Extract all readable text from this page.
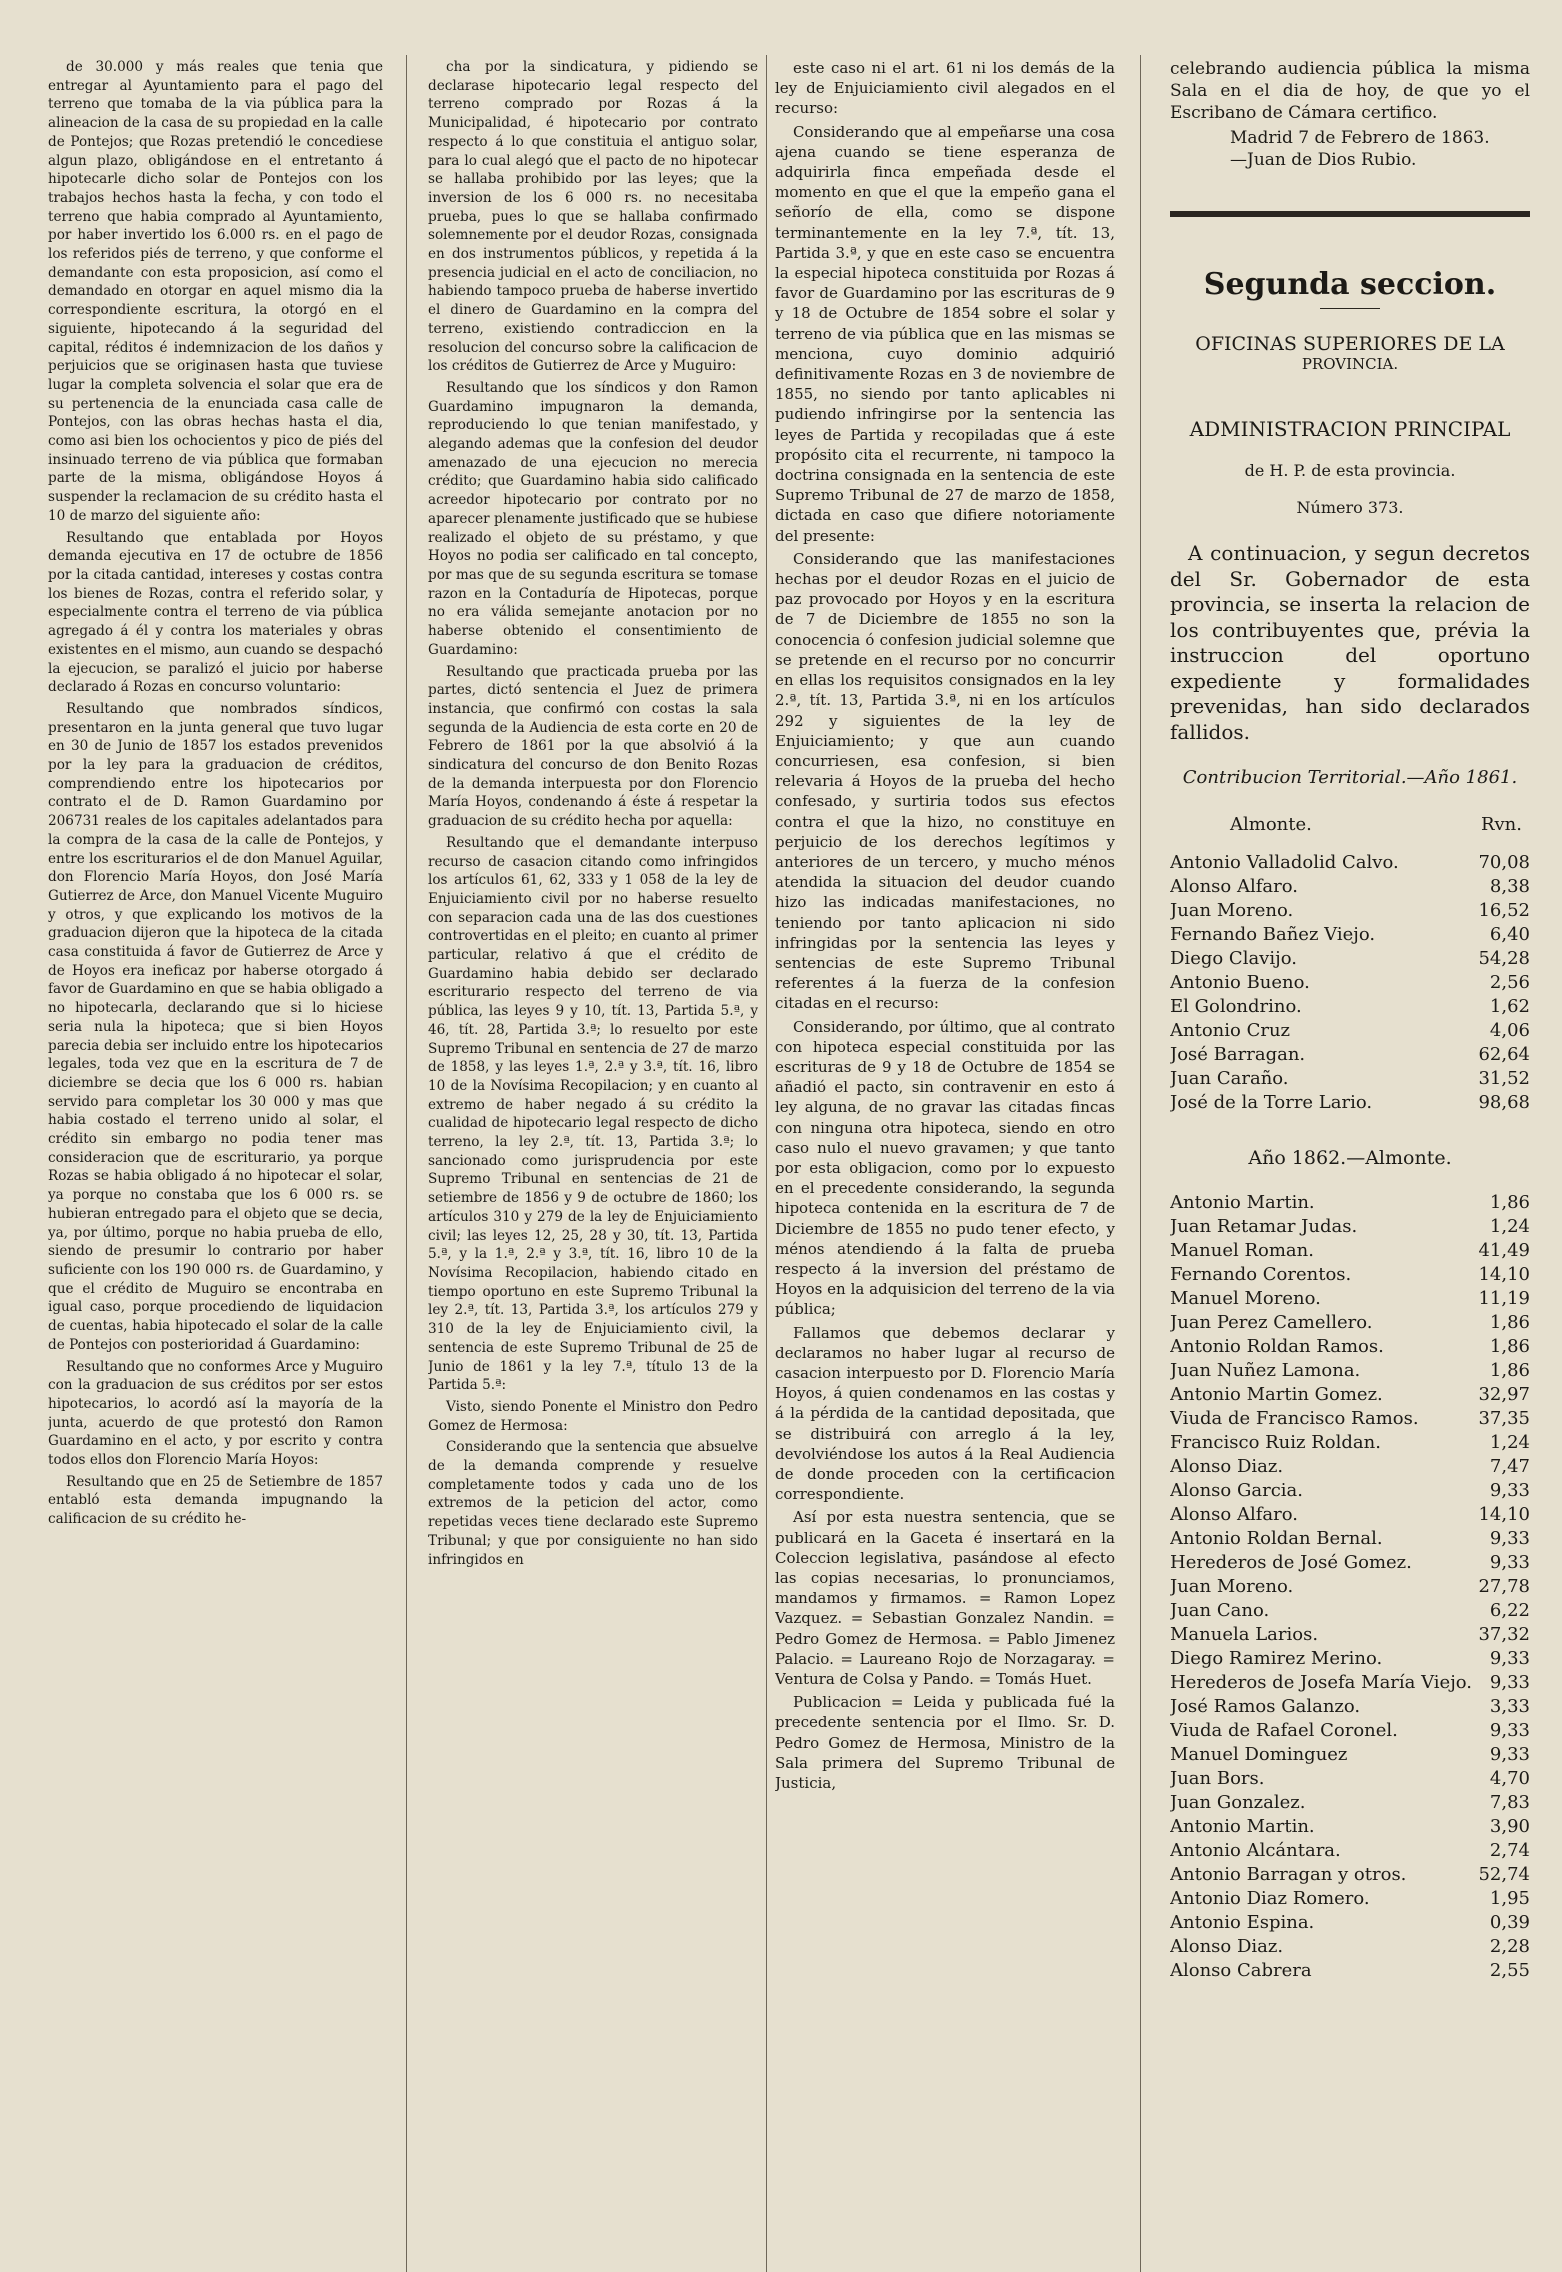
de 30.000 y más reales que tenia que entregar al Ayuntamiento para el pago del terreno que tomaba de la via pública para la alineacion de la casa de su propiedad en la calle de Pontejos; que Rozas pretendió le concediese algun plazo, obligándose en el entretanto á hipotecarle dicho solar de Pontejos con los trabajos hechos hasta la fecha, y con todo el terreno que habia comprado al Ayuntamiento, por haber invertido los 6.000 rs. en el pago de los referidos piés de terreno, y que conforme el demandante con esta proposicion, así como el demandado en otorgar en aquel mismo dia la correspondiente escritura, la otorgó en el siguiente, hipotecando á la seguridad del capital, réditos é indemnizacion de los daños y perjuicios que se originasen hasta que tuviese lugar la completa solvencia el solar que era de su pertenencia de la enunciada casa calle de Pontejos, con las obras hechas hasta el dia, como asi bien los ochocientos y pico de piés del insinuado terreno de via pública que formaban parte de la misma, obligándose Hoyos á suspender la reclamacion de su crédito hasta el 10 de marzo del siguiente año:

Resultando que entablada por Hoyos demanda ejecutiva en 17 de octubre de 1856 por la citada cantidad, intereses y costas contra los bienes de Rozas, contra el referido solar, y especialmente contra el terreno de via pública agregado á él y contra los materiales y obras existentes en el mismo, aun cuando se despachó la ejecucion, se paralizó el juicio por haberse declarado á Rozas en concurso voluntario:

Resultando que nombrados síndicos, presentaron en la junta general que tuvo lugar en 30 de Junio de 1857 los estados prevenidos por la ley para la graduacion de créditos, comprendiendo entre los hipotecarios por contrato el de D. Ramon Guardamino por 206731 reales de los capitales adelantados para la compra de la casa de la calle de Pontejos, y entre los escriturarios el de don Manuel Aguilar, don Florencio María Hoyos, don José María Gutierrez de Arce, don Manuel Vicente Muguiro y otros, y que explicando los motivos de la graduacion dijeron que la hipoteca de la citada casa constituida á favor de Gutierrez de Arce y de Hoyos era ineficaz por haberse otorgado á favor de Guardamino en que se habia obligado a no hipotecarla, declarando que si lo hiciese seria nula la hipoteca; que si bien Hoyos parecia debia ser incluido entre los hipotecarios legales, toda vez que en la escritura de 7 de diciembre se decia que los 6 000 rs. habian servido para completar los 30 000 y mas que habia costado el terreno unido al solar, el crédito sin embargo no podia tener mas consideracion que de escriturario, ya porque Rozas se habia obligado á no hipotecar el solar, ya porque no constaba que los 6 000 rs. se hubieran entregado para el objeto que se decia, ya, por último, porque no habia prueba de ello, siendo de presumir lo contrario por haber suficiente con los 190 000 rs. de Guardamino, y que el crédito de Muguiro se encontraba en igual caso, porque procediendo de liquidacion de cuentas, habia hipotecado el solar de la calle de Pontejos con posterioridad á Guardamino:

Resultando que no conformes Arce y Muguiro con la graduacion de sus créditos por ser estos hipotecarios, lo acordó así la mayoría de la junta, acuerdo de que protestó don Ramon Guardamino en el acto, y por escrito y contra todos ellos don Florencio María Hoyos:

Resultando que en 25 de Setiembre de 1857 entabló esta demanda impugnando la calificacion de su crédito he-

cha por la sindicatura, y pidiendo se declarase hipotecario legal respecto del terreno comprado por Rozas á la Municipalidad, é hipotecario por contrato respecto á lo que constituia el antiguo solar, para lo cual alegó que el pacto de no hipotecar se hallaba prohibido por las leyes; que la inversion de los 6 000 rs. no necesitaba prueba, pues lo que se hallaba confirmado solemnemente por el deudor Rozas, consignada en dos instrumentos públicos, y repetida á la presencia judicial en el acto de conciliacion, no habiendo tampoco prueba de haberse invertido el dinero de Guardamino en la compra del terreno, existiendo contradiccion en la resolucion del concurso sobre la calificacion de los créditos de Gutierrez de Arce y Muguiro:

Resultando que los síndicos y don Ramon Guardamino impugnaron la demanda, reproduciendo lo que tenian manifestado, y alegando ademas que la confesion del deudor amenazado de una ejecucion no merecia crédito; que Guardamino habia sido calificado acreedor hipotecario por contrato por no aparecer plenamente justificado que se hubiese realizado el objeto de su préstamo, y que Hoyos no podia ser calificado en tal concepto, por mas que de su segunda escritura se tomase razon en la Contaduría de Hipotecas, porque no era válida semejante anotacion por no haberse obtenido el consentimiento de Guardamino:

Resultando que practicada prueba por las partes, dictó sentencia el Juez de primera instancia, que confirmó con costas la sala segunda de la Audiencia de esta corte en 20 de Febrero de 1861 por la que absolvió á la sindicatura del concurso de don Benito Rozas de la demanda interpuesta por don Florencio María Hoyos, condenando á éste á respetar la graduacion de su crédito hecha por aquella:

Resultando que el demandante interpuso recurso de casacion citando como infringidos los artículos 61, 62, 333 y 1 058 de la ley de Enjuiciamiento civil por no haberse resuelto con separacion cada una de las dos cuestiones controvertidas en el pleito; en cuanto al primer particular, relativo á que el crédito de Guardamino habia debido ser declarado escriturario respecto del terreno de via pública, las leyes 9 y 10, tít. 13, Partida 5.ª, y 46, tít. 28, Partida 3.ª; lo resuelto por este Supremo Tribunal en sentencia de 27 de marzo de 1858, y las leyes 1.ª, 2.ª y 3.ª, tít. 16, libro 10 de la Novísima Recopilacion; y en cuanto al extremo de haber negado á su crédito la cualidad de hipotecario legal respecto de dicho terreno, la ley 2.ª, tít. 13, Partida 3.ª; lo sancionado como jurisprudencia por este Supremo Tribunal en sentencias de 21 de setiembre de 1856 y 9 de octubre de 1860; los artículos 310 y 279 de la ley de Enjuiciamiento civil; las leyes 12, 25, 28 y 30, tít. 13, Partida 5.ª, y la 1.ª, 2.ª y 3.ª, tít. 16, libro 10 de la Novísima Recopilacion, habiendo citado en tiempo oportuno en este Supremo Tribunal la ley 2.ª, tít. 13, Partida 3.ª, los artículos 279 y 310 de la ley de Enjuiciamiento civil, la sentencia de este Supremo Tribunal de 25 de Junio de 1861 y la ley 7.ª, título 13 de la Partida 5.ª:

Visto, siendo Ponente el Ministro don Pedro Gomez de Hermosa:

Considerando que la sentencia que absuelve de la demanda comprende y resuelve completamente todos y cada uno de los extremos de la peticion del actor, como repetidas veces tiene declarado este Supremo Tribunal; y que por consiguiente no han sido infringidos en

este caso ni el art. 61 ni los demás de la ley de Enjuiciamiento civil alegados en el recurso:

Considerando que al empeñarse una cosa ajena cuando se tiene esperanza de adquirirla finca empeñada desde el momento en que el que la empeño gana el señorío de ella, como se dispone terminantemente en la ley 7.ª, tít. 13, Partida 3.ª, y que en este caso se encuentra la especial hipoteca constituida por Rozas á favor de Guardamino por las escrituras de 9 y 18 de Octubre de 1854 sobre el solar y terreno de via pública que en las mismas se menciona, cuyo dominio adquirió definitivamente Rozas en 3 de noviembre de 1855, no siendo por tanto aplicables ni pudiendo infringirse por la sentencia las leyes de Partida y recopiladas que á este propósito cita el recurrente, ni tampoco la doctrina consignada en la sentencia de este Supremo Tribunal de 27 de marzo de 1858, dictada en caso que difiere notoriamente del presente:

Considerando que las manifestaciones hechas por el deudor Rozas en el juicio de paz provocado por Hoyos y en la escritura de 7 de Diciembre de 1855 no son la conocencia ó confesion judicial solemne que se pretende en el recurso por no concurrir en ellas los requisitos consignados en la ley 2.ª, tít. 13, Partida 3.ª, ni en los artículos 292 y siguientes de la ley de Enjuiciamiento; y que aun cuando concurriesen, esa confesion, si bien relevaria á Hoyos de la prueba del hecho confesado, y surtiria todos sus efectos contra el que la hizo, no constituye en perjuicio de los derechos legítimos y anteriores de un tercero, y mucho ménos atendida la situacion del deudor cuando hizo las indicadas manifestaciones, no teniendo por tanto aplicacion ni sido infringidas por la sentencia las leyes y sentencias de este Supremo Tribunal referentes á la fuerza de la confesion citadas en el recurso:

Considerando, por último, que al contrato con hipoteca especial constituida por las escrituras de 9 y 18 de Octubre de 1854 se añadió el pacto, sin contravenir en esto á ley alguna, de no gravar las citadas fincas con ninguna otra hipoteca, siendo en otro caso nulo el nuevo gravamen; y que tanto por esta obligacion, como por lo expuesto en el precedente considerando, la segunda hipoteca contenida en la escritura de 7 de Diciembre de 1855 no pudo tener efecto, y ménos atendiendo á la falta de prueba respecto á la inversion del préstamo de Hoyos en la adquisicion del terreno de la via pública;

Fallamos que debemos declarar y declaramos no haber lugar al recurso de casacion interpuesto por D. Florencio María Hoyos, á quien condenamos en las costas y á la pérdida de la cantidad depositada, que se distribuirá con arreglo á la ley, devolviéndose los autos á la Real Audiencia de donde proceden con la certificacion correspondiente.

Así por esta nuestra sentencia, que se publicará en la Gaceta é insertará en la Coleccion legislativa, pasándose al efecto las copias necesarias, lo pronunciamos, mandamos y firmamos. = Ramon Lopez Vazquez. = Sebastian Gonzalez Nandin. = Pedro Gomez de Hermosa. = Pablo Jimenez Palacio. = Laureano Rojo de Norzagaray. = Ventura de Colsa y Pando. = Tomás Huet.

Publicacion = Leida y publicada fué la precedente sentencia por el Ilmo. Sr. D. Pedro Gomez de Hermosa, Ministro de la Sala primera del Supremo Tribunal de Justicia,

celebrando audiencia pública la misma Sala en el dia de hoy, de que yo el Escribano de Cámara certifico.

Madrid 7 de Febrero de 1863.

—Juan de Dios Rubio.

Segunda seccion.
OFICINAS SUPERIORES DE LA
PROVINCIA.
ADMINISTRACION PRINCIPAL
de H. P. de esta provincia.
Número 373.

A continuacion, y segun decretos del Sr. Gobernador de esta provincia, se inserta la relacion de los contribuyentes que, prévia la instruccion del oportuno expediente y formalidades prevenidas, han sido declarados fallidos.

Contribucion Territorial.—Año 1861.
Almonte.	Rvn.
Antonio Valladolid Calvo.	70,08
Alonso Alfaro.	8,38
Juan Moreno.	16,52
Fernando Bañez Viejo.	6,40
Diego Clavijo.	54,28
Antonio Bueno.	2,56
El Golondrino.	1,62
Antonio Cruz	4,06
José Barragan.	62,64
Juan Caraño.	31,52
José de la Torre Lario.	98,68
Año 1862.—Almonte.
Antonio Martin.	1,86
Juan Retamar Judas.	1,24
Manuel Roman.	41,49
Fernando Corentos.	14,10
Manuel Moreno.	11,19
Juan Perez Camellero.	1,86
Antonio Roldan Ramos.	1,86
Juan Nuñez Lamona.	1,86
Antonio Martin Gomez.	32,97
Viuda de Francisco Ramos.	37,35
Francisco Ruiz Roldan.	1,24
Alonso Diaz.	7,47
Alonso Garcia.	9,33
Alonso Alfaro.	14,10
Antonio Roldan Bernal.	9,33
Herederos de José Gomez.	9,33
Juan Moreno.	27,78
Juan Cano.	6,22
Manuela Larios.	37,32
Diego Ramirez Merino.	9,33
Herederos de Josefa María Viejo. 9,33
José Ramos Galanzo.	3,33
Viuda de Rafael Coronel.	9,33
Manuel Dominguez	9,33
Juan Bors.	4,70
Juan Gonzalez.	7,83
Antonio Martin.	3,90
Antonio Alcántara.	2,74
Antonio Barragan y otros.	52,74
Antonio Diaz Romero.	1,95
Antonio Espina.	0,39
Alonso Diaz.	2,28
Alonso Cabrera	2,55
